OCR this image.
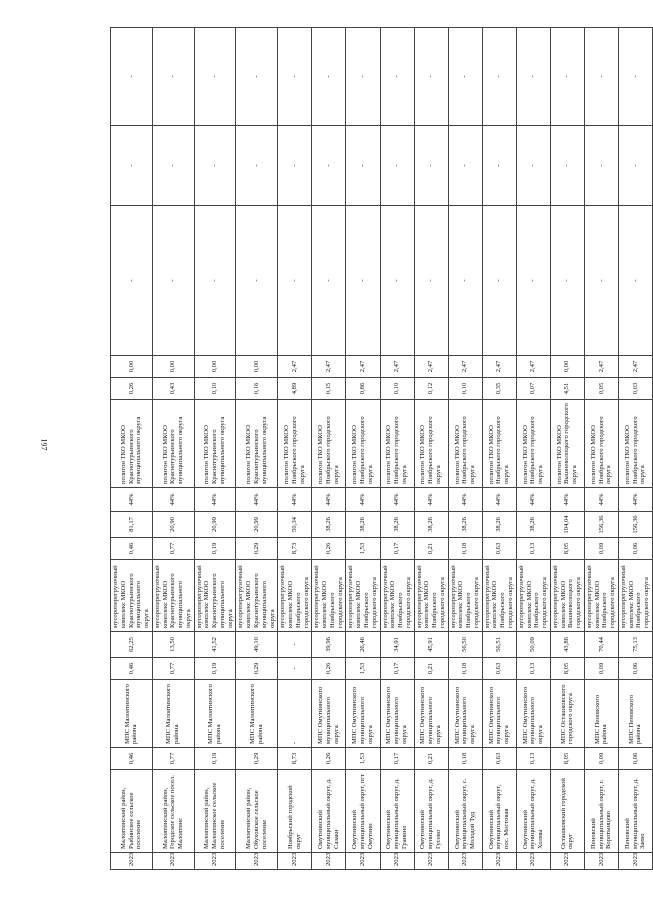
197
2023	Малоятинский район, Рыбинское сельское поселение	0,46	МПС Малоятинского района	0,46	62,25	мусороперегрузочный комплекс МКОО Краснотурьинского муниципального округа	0,46	81,17	44%	полигон ТКО МКОО Краснотурьинского муниципального округа	0,26	0,00	-	-	-
2023	Малоятинский район, Городское сельское посел. Малоятинс	0,77	МПС Малоятинского района	0,77	13,50	мусороперегрузочный комплекс МКОО Краснотурьинского муниципального округа	0,77	20,90	44%	полигон ТКО МКОО Краснотурьинского муниципального округа	0,43	0,00	-	-	-
2023	Малоятинский район, Малоятинское сельское поселение	0,19	МПС Малоятинского района	0,19	41,52	мусороперегрузочный комплекс МКОО Краснотурьинского муниципального округа	0,19	20,99	44%	полигон ТКО МКОО Краснотурьинского муниципального округа	0,10	0,00	-	-	-
2023	Малоятинский район, Обуховское сельское поселение	0,29	МПС Малоятинского района	0,29	49,10	мусороперегрузочный комплекс МКОО Краснотурьинского муниципального округа	0,29	20,99	44%	полигон ТКО МКОО Краснотурьинского муниципального округа	0,16	0,00	-	-	-
2023	Ноябрьский городской округ	8,73	-	-	-	мусороперегрузочный комплекс МКОО Ноябрьского городского округа	8,73	50,34	44%	полигон ТКО МКОО Ноябрьского городского округа	4,89	2,47	-	-	-
2023	Омутнинский муниципальный округ, д. Сазаки	0,26	МПС Омутнинского муниципального округа	0,26	39,96	мусороперегрузочный комплекс МКОО Ноябрьского городского округа	0,26	38,26	44%	полигон ТКО МКОО Ноябрьского городского округа	0,15	2,47	-	-	-
2023	Омутнинский муниципальный округ, пгт Омутнин	1,53	МПС Омутнинского муниципального округа	1,53	26,46	мусороперегрузочный комплекс МКОО Ноябрьского городского округа	1,53	38,26	44%	полигон ТКО МКОО Ноябрьского городского округа	0,86	2,47	-	-	-
2023	Омутнинский муниципальный округ, д. Гранино	0,17	МПС Омутнинского муниципального округа	0,17	34,91	мусороперегрузочный комплекс МКОО Ноябрьского городского округа	0,17	38,26	44%	полигон ТКО МКОО Ноябрьского городского округа	0,10	2,47	-	-	-
2023	Омутнинский муниципальный округ, д. Гусево	0,21	МПС Омутнинского муниципального округа	0,21	45,91	мусороперегрузочный комплекс МКОО Ноябрьского городского округа	0,21	38,26	44%	полигон ТКО МКОО Ноябрьского городского округа	0,12	2,47	-	-	-
2023	Омутнинский муниципальный округ, с. Молодой Туд	0,18	МПС Омутнинского муниципального округа	0,18	56,50	мусороперегрузочный комплекс МКОО Ноябрьского городского округа	0,18	38,26	44%	полигон ТКО МКОО Ноябрьского городского округа	0,10	2,47	-	-	-
2023	Омутнинский муниципальный округ, пос. Мостовая	0,63	МПС Омутнинского муниципального округа	0,63	56,51	мусороперегрузочный комплекс МКОО Ноябрьского городского округа	0,63	38,26	44%	полигон ТКО МКОО Ноябрьского городского округа	0,35	2,47	-	-	-
2023	Омутнинский муниципальный округ, д. Холмы	0,13	МПС Омутнинского муниципального округа	0,13	50,09	мусороперегрузочный комплекс МКОО Ноябрьского городского округа	0,13	38,26	44%	полигон ТКО МКОО Ноябрьского городского округа	0,07	2,47	-	-	-
2023	Осташковский городской округ	8,05	МПС Осташковского городского округа	8,05	43,86	мусороперегрузочный комплекс МКОО Вышневолоцкого городского округа	8,05	104,04	44%	полигон ТКО МКОО Вышневолоцкого городского округа	4,51	0,00	-	-	-
2023	Пеновский муниципальный округ, г. Воротынцево	0,09	МПС Пеновского района	0,09	70,44	мусороперегрузочный комплекс МКОО Ноябрьского городского округа	0,09	156,36	44%	полигон ТКО МКОО Ноябрьского городского округа	0,05	2,47	-	-	-
2023	Пеновский муниципальный округ, д. Заево	0,06	МПС Пеновского района	0,06	75,13	мусороперегрузочный комплекс МКОО Ноябрьского городского округа	0,06	156,36	44%	полигон ТКО МКОО Ноябрьского городского округа	0,03	2,47	-	-	-
